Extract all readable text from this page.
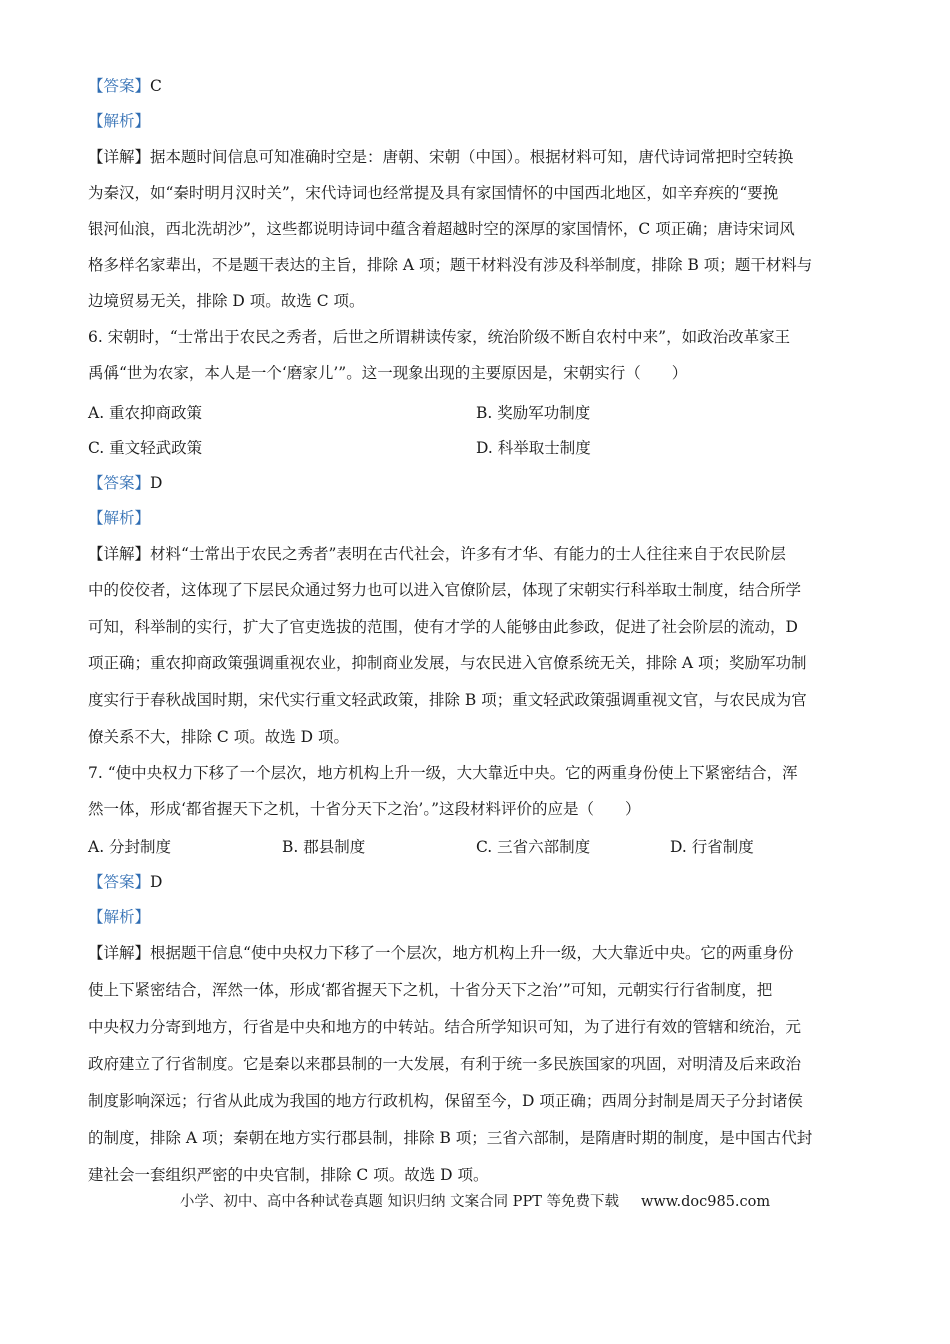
【答案】C
【解析】
【详解】据本题时间信息可知准确时空是：唐朝、宋朝（中国）。根据材料可知，唐代诗词常把时空转换
为秦汉，如“秦时明月汉时关”，宋代诗词也经常提及具有家国情怀的中国西北地区，如辛弃疾的“要挽
银河仙浪，西北洗胡沙”，这些都说明诗词中蕴含着超越时空的深厚的家国情怀，C 项正确；唐诗宋词风
格多样名家辈出，不是题干表达的主旨，排除 A 项；题干材料没有涉及科举制度，排除 B 项；题干材料与
边境贸易无关，排除 D 项。故选 C 项。
6. 宋朝时，“士常出于农民之秀者，后世之所谓耕读传家，统治阶级不断自农村中来”，如政治改革家王
禹偁“世为农家，本人是一个‘磨家儿’”。这一现象出现的主要原因是，宋朝实行（　　）
A. 重农抑商政策	B. 奖励军功制度
C. 重文轻武政策	D. 科举取士制度
【答案】D
【解析】
【详解】材料“士常出于农民之秀者”表明在古代社会，许多有才华、有能力的士人往往来自于农民阶层
中的佼佼者，这体现了下层民众通过努力也可以进入官僚阶层，体现了宋朝实行科举取士制度，结合所学
可知，科举制的实行，扩大了官吏选拔的范围，使有才学的人能够由此参政，促进了社会阶层的流动，D
项正确；重农抑商政策强调重视农业，抑制商业发展，与农民进入官僚系统无关，排除 A 项；奖励军功制
度实行于春秋战国时期，宋代实行重文轻武政策，排除 B 项；重文轻武政策强调重视文官，与农民成为官
僚关系不大，排除 C 项。故选 D 项。
7. “使中央权力下移了一个层次，地方机构上升一级，大大靠近中央。它的两重身份使上下紧密结合，浑
然一体，形成‘都省握天下之机，十省分天下之治’。”这段材料评价的应是（　　）
A. 分封制度	B. 郡县制度	C. 三省六部制度	D. 行省制度
【答案】D
【解析】
【详解】根据题干信息“使中央权力下移了一个层次，地方机构上升一级，大大靠近中央。它的两重身份
使上下紧密结合，浑然一体，形成‘都省握天下之机，十省分天下之治’”可知，元朝实行行省制度，把
中央权力分寄到地方，行省是中央和地方的中转站。结合所学知识可知，为了进行有效的管辖和统治，元
政府建立了行省制度。它是秦以来郡县制的一大发展，有利于统一多民族国家的巩固，对明清及后来政治
制度影响深远；行省从此成为我国的地方行政机构，保留至今，D 项正确；西周分封制是周天子分封诸侯
的制度，排除 A 项；秦朝在地方实行郡县制，排除 B 项；三省六部制，是隋唐时期的制度，是中国古代封
建社会一套组织严密的中央官制，排除 C 项。故选 D 项。
小学、初中、高中各种试卷真题 知识归纳 文案合同 PPT 等免费下载 www.doc985.com
